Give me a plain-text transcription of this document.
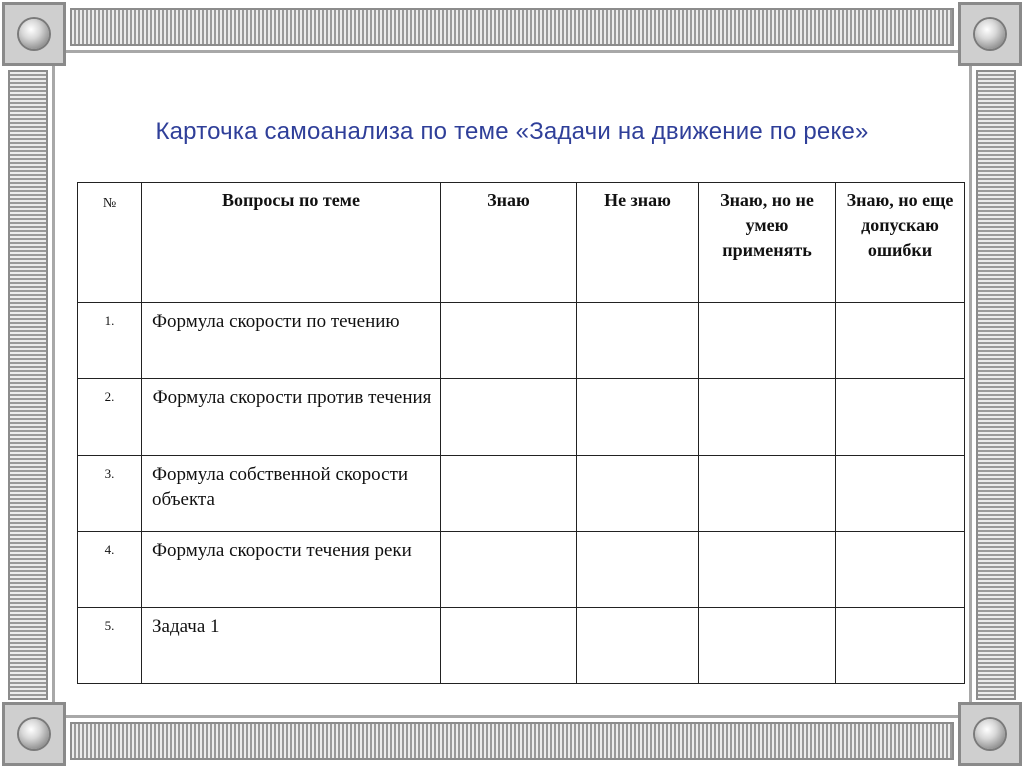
Карточка самоанализа по теме «Задачи на движение по реке»
№	Вопросы по теме	Знаю	Не знаю	Знаю, но не умею применять	Знаю, но еще допускаю ошибки
1.	Формула скорости по течению				
2.	Формула скорости против течения				
3.	Формула собственной скорости объекта				
4.	Формула скорости течения реки				
5.	Задача 1				
